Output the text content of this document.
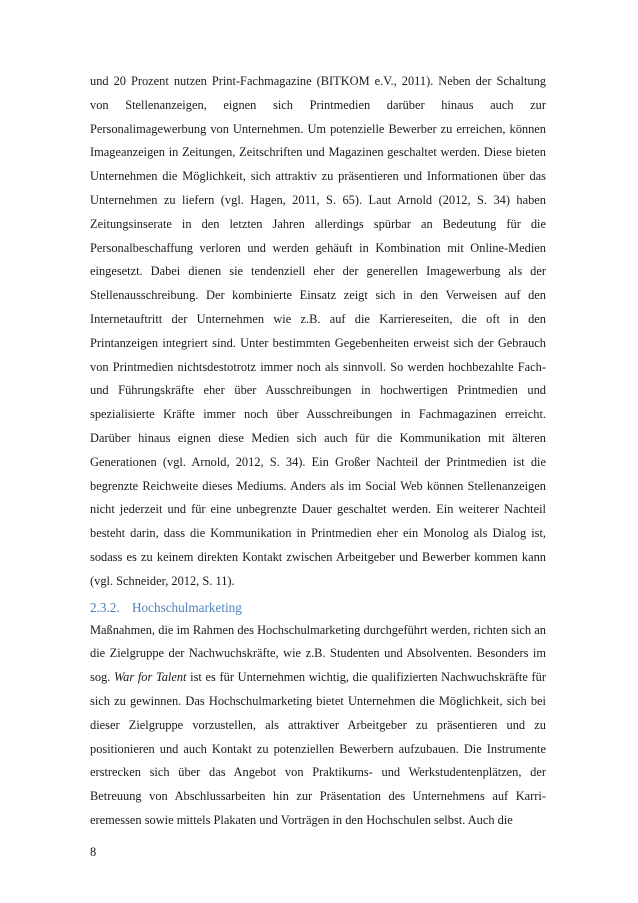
und 20 Prozent nutzen Print-Fachmagazine (BITKOM e.V., 2011). Neben der Schaltung von Stellenanzeigen, eignen sich Printmedien darüber hinaus auch zur Personalimagewerbung von Unternehmen. Um potenzielle Bewerber zu erreichen, können Imageanzeigen in Zeitungen, Zeitschriften und Magazinen geschaltet werden. Diese bieten Unternehmen die Möglichkeit, sich attraktiv zu präsentieren und Informationen über das Unternehmen zu liefern (vgl. Hagen, 2011, S. 65). Laut Arnold (2012, S. 34) haben Zeitungsinserate in den letzten Jahren allerdings spürbar an Bedeutung für die Personalbeschaffung verloren und werden gehäuft in Kombination mit Online-Medien eingesetzt. Dabei dienen sie tendenziell eher der generellen Imagewerbung als der Stellenausschreibung. Der kombinierte Einsatz zeigt sich in den Verweisen auf den Internetauftritt der Unternehmen wie z.B. auf die Karriereseiten, die oft in den Printanzeigen integriert sind. Unter bestimmten Gegebenheiten erweist sich der Gebrauch von Printmedien nichtsdestotrotz immer noch als sinnvoll. So werden hochbezahlte Fach- und Führungskräfte eher über Ausschreibungen in hochwertigen Printmedien und spezialisierte Kräfte immer noch über Ausschreibungen in Fachmagazinen erreicht. Darüber hinaus eignen diese Medien sich auch für die Kommunikation mit älteren Generationen (vgl. Arnold, 2012, S. 34). Ein Großer Nachteil der Printmedien ist die begrenzte Reichweite dieses Mediums. Anders als im Social Web können Stellenanzeigen nicht jederzeit und für eine unbegrenzte Dauer geschaltet werden. Ein weiterer Nachteil besteht darin, dass die Kommunikation in Printmedien eher ein Monolog als Dialog ist, sodass es zu keinem direkten Kontakt zwischen Arbeitgeber und Bewerber kommen kann (vgl. Schneider, 2012, S. 11).

2.3.2. Hochschulmarketing

Maßnahmen, die im Rahmen des Hochschulmarketing durchgeführt werden, richten sich an die Zielgruppe der Nachwuchskräfte, wie z.B. Studenten und Absolventen. Besonders im sog. War for Talent ist es für Unternehmen wichtig, die qualifizierten Nachwuchskräfte für sich zu gewinnen. Das Hochschulmarketing bietet Unternehmen die Möglichkeit, sich bei dieser Zielgruppe vorzustellen, als attraktiver Arbeitgeber zu präsentieren und zu positionieren und auch Kontakt zu potenziellen Bewerbern aufzubauen. Die Instrumente erstrecken sich über das Angebot von Praktikums- und Werkstudentenplätzen, der Betreuung von Abschlussarbeiten hin zur Präsentation des Unternehmens auf Karrieremessen sowie mittels Plakaten und Vorträgen in den Hochschulen selbst. Auch die

8
